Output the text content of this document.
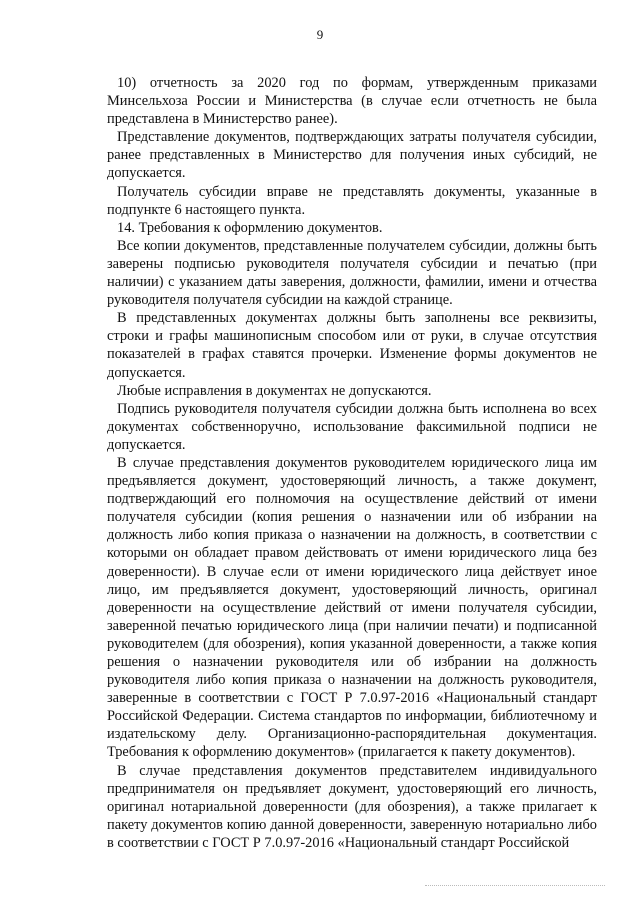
9

10) отчетность за 2020 год по формам, утвержденным приказами Минсельхоза России и Министерства (в случае если отчетность не была представлена в Министерство ранее).

Представление документов, подтверждающих затраты получателя субсидии, ранее представленных в Министерство для получения иных субсидий, не допускается.

Получатель субсидии вправе не представлять документы, указанные в подпункте 6 настоящего пункта.

14. Требования к оформлению документов.

Все копии документов, представленные получателем субсидии, должны быть заверены подписью руководителя получателя субсидии и печатью (при наличии) с указанием даты заверения, должности, фамилии, имени и отчества руководителя получателя субсидии на каждой странице.

В представленных документах должны быть заполнены все реквизиты, строки и графы машинописным способом или от руки, в случае отсутствия показателей в графах ставятся прочерки. Изменение формы документов не допускается.

Любые исправления в документах не допускаются.

Подпись руководителя получателя субсидии должна быть исполнена во всех документах собственноручно, использование факсимильной подписи не допускается.

В случае представления документов руководителем юридического лица им предъявляется документ, удостоверяющий личность, а также документ, подтверждающий его полномочия на осуществление действий от имени получателя субсидии (копия решения о назначении или об избрании на должность либо копия приказа о назначении на должность, в соответствии с которыми он обладает правом действовать от имени юридического лица без доверенности). В случае если от имени юридического лица действует иное лицо, им предъявляется документ, удостоверяющий личность, оригинал доверенности на осуществление действий от имени получателя субсидии, заверенной печатью юридического лица (при наличии печати) и подписанной руководителем (для обозрения), копия указанной доверенности, а также копия решения о назначении руководителя или об избрании на должность руководителя либо копия приказа о назначении на должность руководителя, заверенные в соответствии с ГОСТ Р 7.0.97-2016 «Национальный стандарт Российской Федерации. Система стандартов по информации, библиотечному и издательскому делу. Организационно-распорядительная документация. Требования к оформлению документов» (прилагается к пакету документов).

В случае представления документов представителем индивидуального предпринимателя он предъявляет документ, удостоверяющий его личность, оригинал нотариальной доверенности (для обозрения), а также прилагает к пакету документов копию данной доверенности, заверенную нотариально либо в соответствии с ГОСТ Р 7.0.97-2016 «Национальный стандарт Российской
